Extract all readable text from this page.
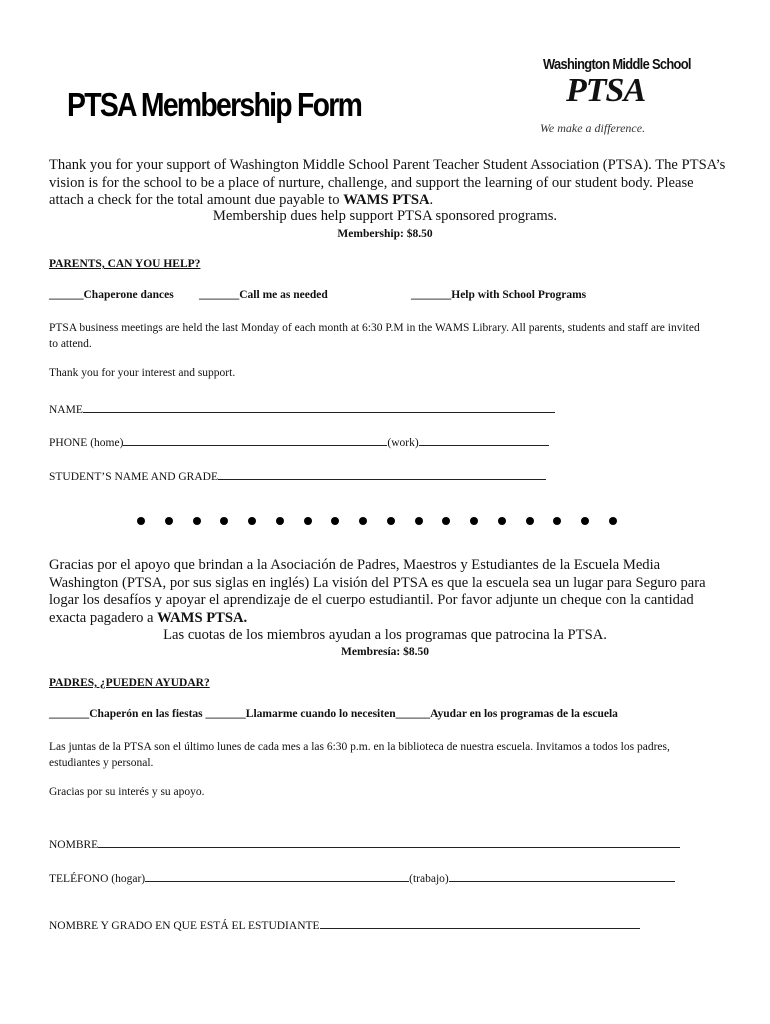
PTSA Membership Form
Washington Middle School
PTSA
We make a difference.
Thank you for your support of Washington Middle School Parent Teacher Student Association (PTSA). The PTSA’s vision is for the school to be a place of nurture, challenge, and support the learning of our student body. Please attach a check for the total amount due payable to WAMS PTSA.
Membership dues help support PTSA sponsored programs.
Membership: $8.50
PARENTS, CAN YOU HELP?
______Chaperone dances _______Call me as needed	_______Help with School Programs
PTSA business meetings are held the last Monday of each month at 6:30 P.M in the WAMS Library. All parents, students and staff are invited to attend.
Thank you for your interest and support.
NAME
PHONE (home)	(work)
STUDENT’S NAME AND GRADE
Gracias por el apoyo que brindan a la Asociación de Padres, Maestros y Estudiantes de la Escuela Media Washington (PTSA, por sus siglas en inglés) La visión del PTSA es que la escuela sea un lugar para Seguro para logar los desafíos y apoyar el aprendizaje de el cuerpo estudiantil. Por favor adjunte un cheque con la cantidad exacta pagadero a WAMS PTSA.
Las cuotas de los miembros ayudan a los programas que patrocina la PTSA.
Membresía: $8.50
PADRES, ¿PUEDEN AYUDAR?
_______Chaperón en las fiestas _______Llamarme cuando lo necesiten______Ayudar en los programas de la escuela
Las juntas de la PTSA son el último lunes de cada mes a las 6:30 p.m. en la biblioteca de nuestra escuela. Invitamos a todos los padres, estudiantes y personal.
Gracias por su interés y su apoyo.
NOMBRE
TELÉFONO (hogar)	(trabajo)
NOMBRE Y GRADO EN QUE ESTÁ EL ESTUDIANTE
